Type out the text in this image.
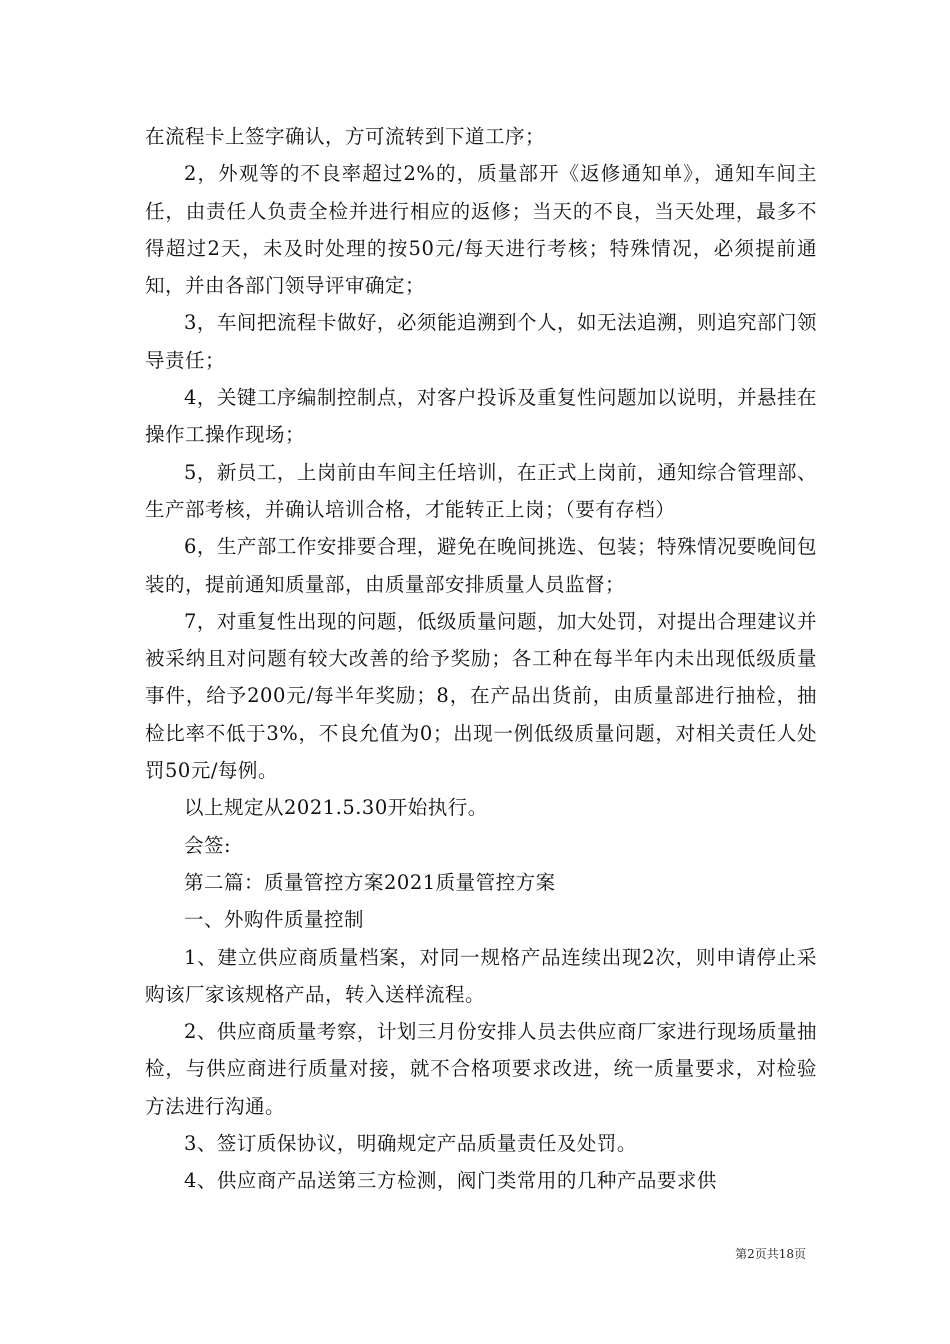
在流程卡上签字确认，方可流转到下道工序；

2，外观等的不良率超过2%的，质量部开《返修通知单》，通知车间主任，由责任人负责全检并进行相应的返修；当天的不良，当天处理，最多不得超过2天，未及时处理的按50元/每天进行考核；特殊情况，必须提前通知，并由各部门领导评审确定；

3，车间把流程卡做好，必须能追溯到个人，如无法追溯，则追究部门领导责任；

4，关键工序编制控制点，对客户投诉及重复性问题加以说明，并悬挂在操作工操作现场；

5，新员工，上岗前由车间主任培训，在正式上岗前，通知综合管理部、生产部考核，并确认培训合格，才能转正上岗；（要有存档）

6，生产部工作安排要合理，避免在晚间挑选、包装；特殊情况要晚间包装的，提前通知质量部，由质量部安排质量人员监督；

7，对重复性出现的问题，低级质量问题，加大处罚，对提出合理建议并被采纳且对问题有较大改善的给予奖励；各工种在每半年内未出现低级质量事件，给予200元/每半年奖励；8，在产品出货前，由质量部进行抽检，抽检比率不低于3%，不良允值为0；出现一例低级质量问题，对相关责任人处罚50元/每例。

以上规定从2021.5.30开始执行。

会签:

第二篇：质量管控方案2021质量管控方案

一、外购件质量控制

1、建立供应商质量档案，对同一规格产品连续出现2次，则申请停止采购该厂家该规格产品，转入送样流程。

2、供应商质量考察，计划三月份安排人员去供应商厂家进行现场质量抽检，与供应商进行质量对接，就不合格项要求改进，统一质量要求，对检验方法进行沟通。

3、签订质保协议，明确规定产品质量责任及处罚。

4、供应商产品送第三方检测，阀门类常用的几种产品要求供

第2页共18页
